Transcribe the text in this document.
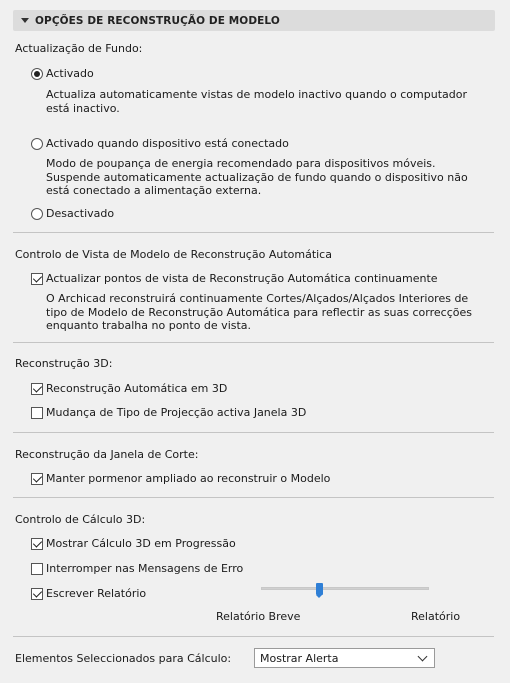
OPÇÕES DE RECONSTRUÇÃO DE MODELO
Actualização de Fundo:
Activado
Actualiza automaticamente vistas de modelo inactivo quando o computador está inactivo.
Activado quando dispositivo está conectado
Modo de poupança de energia recomendado para dispositivos móveis. Suspende automaticamente actualização de fundo quando o dispositivo não está conectado a alimentação externa.
Desactivado
Controlo de Vista de Modelo de Reconstrução Automática
Actualizar pontos de vista de Reconstrução Automática continuamente
O Archicad reconstruirá continuamente Cortes/Alçados/Alçados Interiores de tipo de Modelo de Reconstrução Automática para reflectir as suas correcções enquanto trabalha no ponto de vista.
Reconstrução 3D:
Reconstrução Automática em 3D
Mudança de Tipo de Projecção activa Janela 3D
Reconstrução da Janela de Corte:
Manter pormenor ampliado ao reconstruir o Modelo
Controlo de Cálculo 3D:
Mostrar Cálculo 3D em Progressão
Interromper nas Mensagens de Erro
Escrever Relatório
Relatório Breve	Relatório
Elementos Seleccionados para Cálculo:	Mostrar Alerta
